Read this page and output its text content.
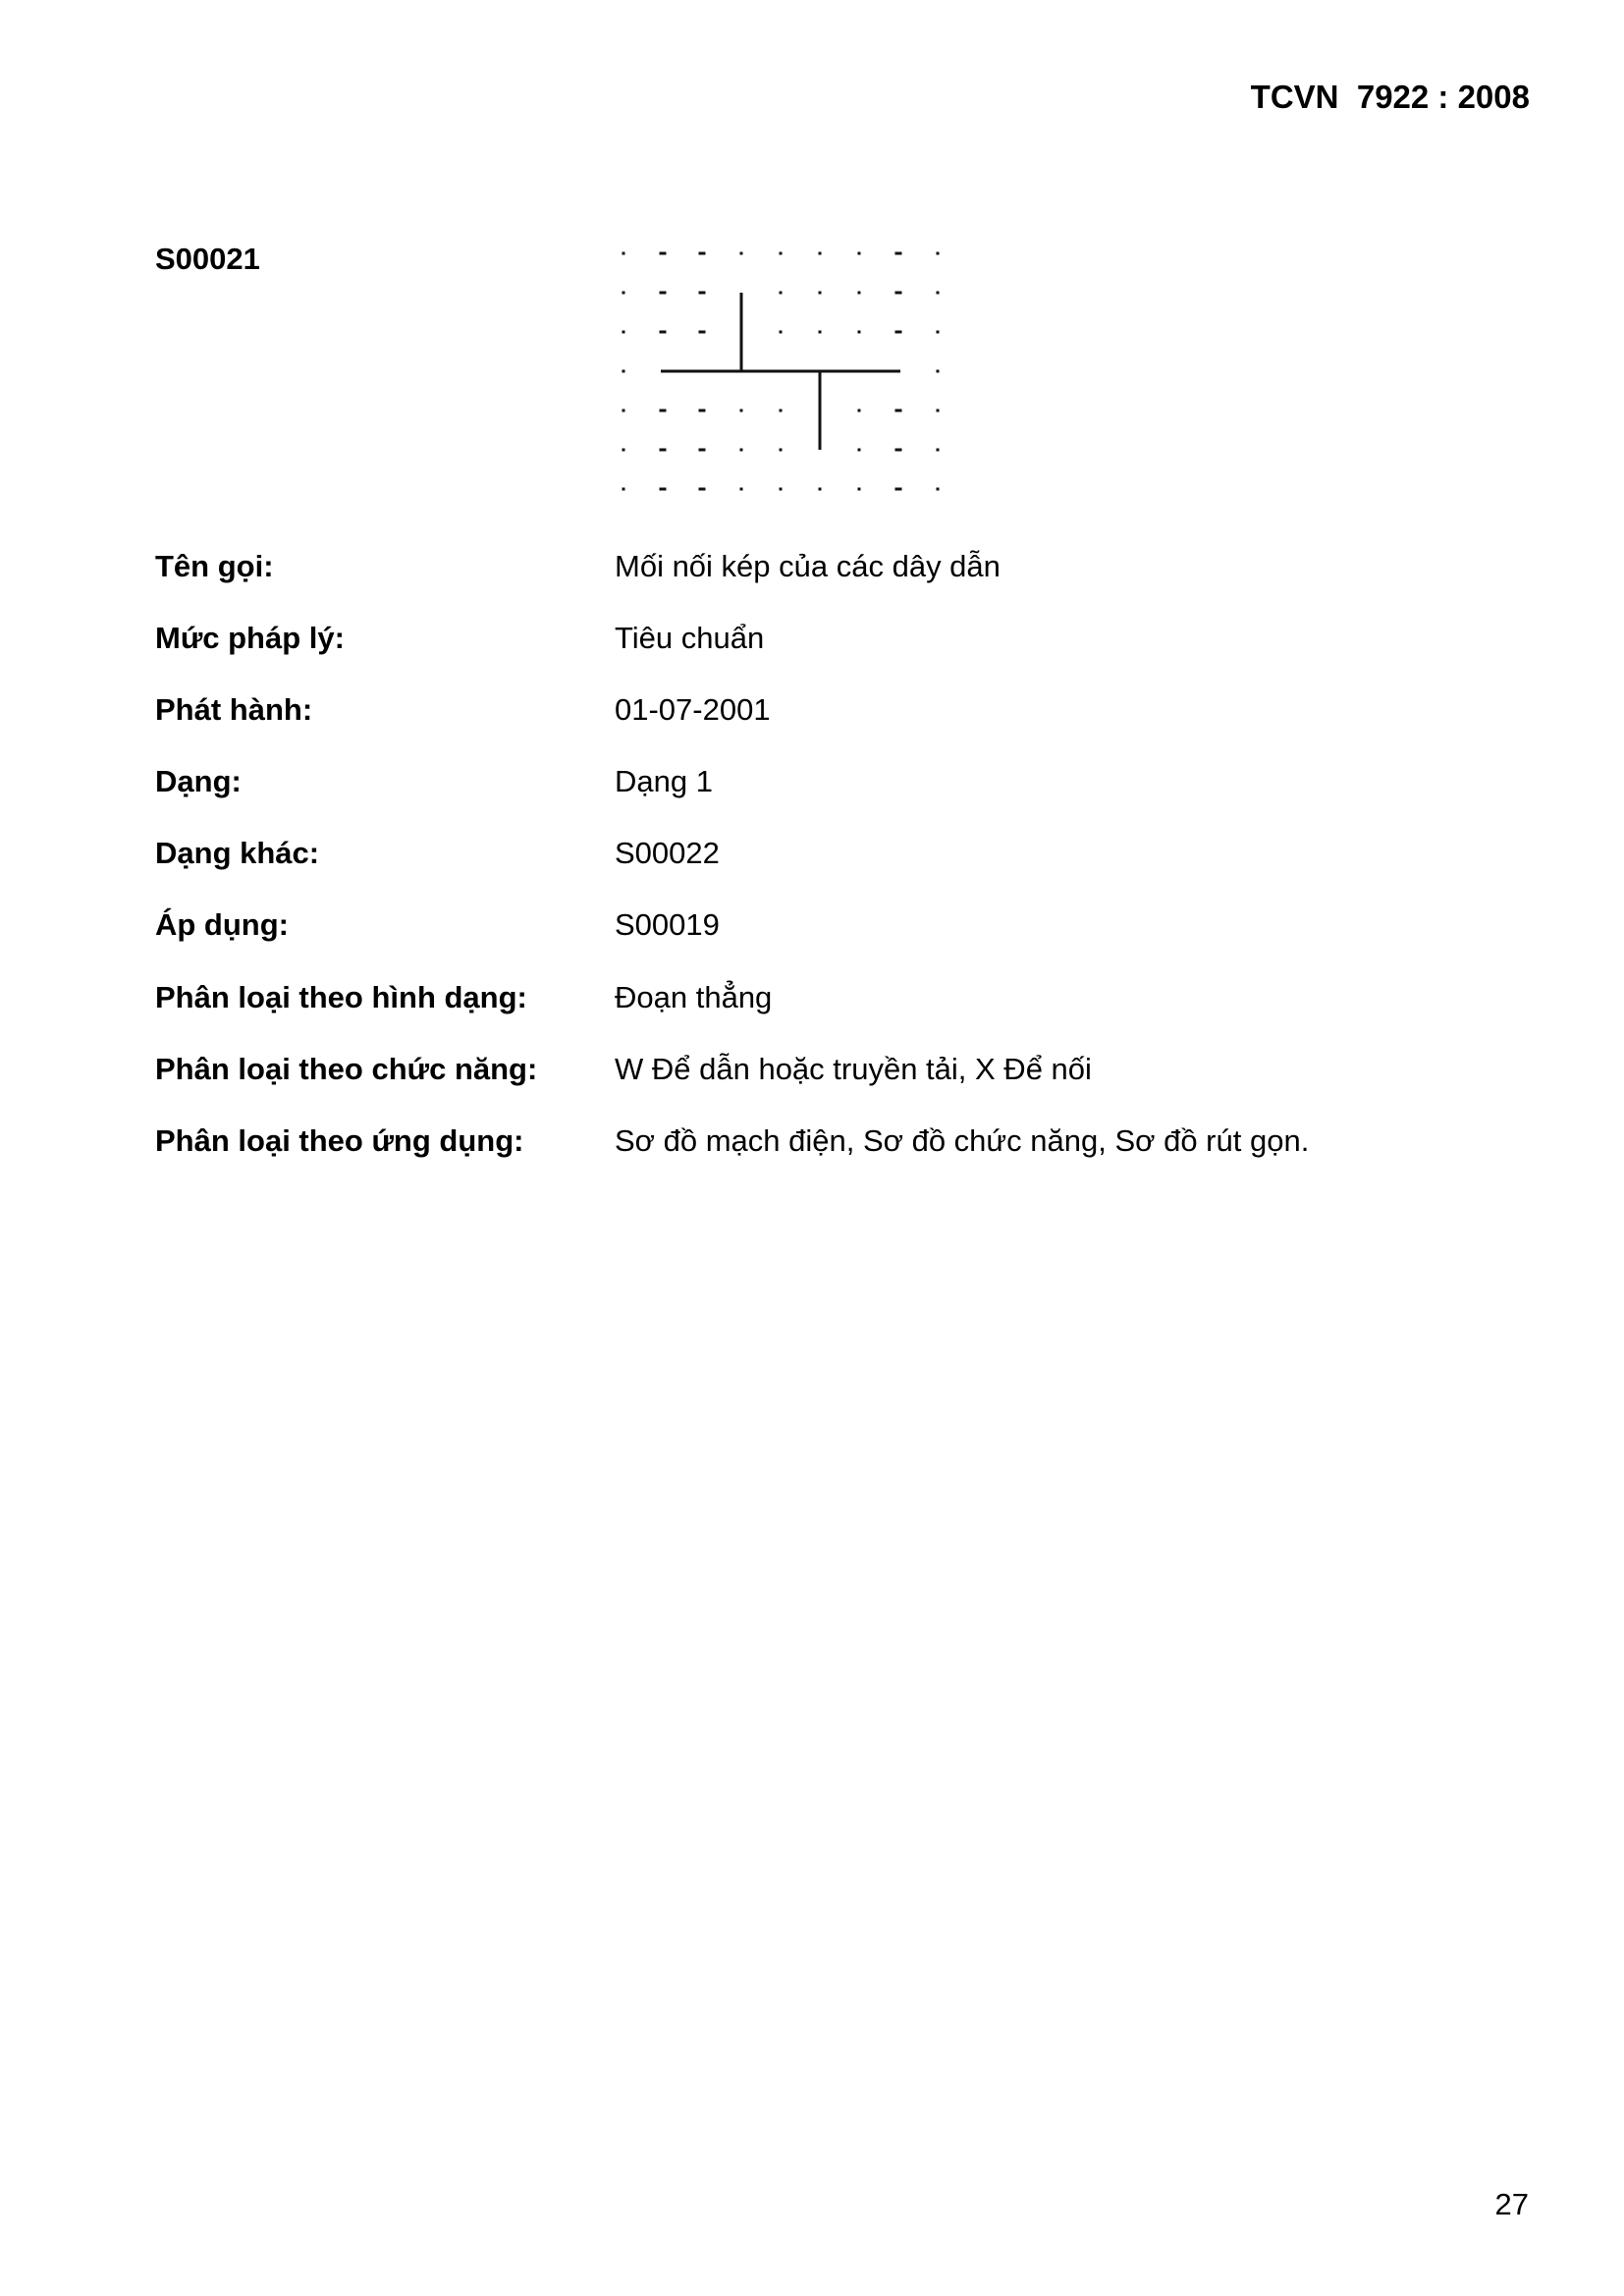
TCVN  7922 : 2008
S00021
Tên gọi:	Mối nối kép của các dây dẫn
Mức pháp lý:	Tiêu chuẩn
Phát hành:	01-07-2001
Dạng:	Dạng 1
Dạng khác:	S00022
Áp dụng:	S00019
Phân loại theo hình dạng:	Đoạn thẳng
Phân loại theo chức năng:	W Để dẫn hoặc truyền tải, X Để nối
Phân loại theo ứng dụng:	Sơ đồ mạch điện, Sơ đồ chức năng, Sơ đồ rút gọn.
27
